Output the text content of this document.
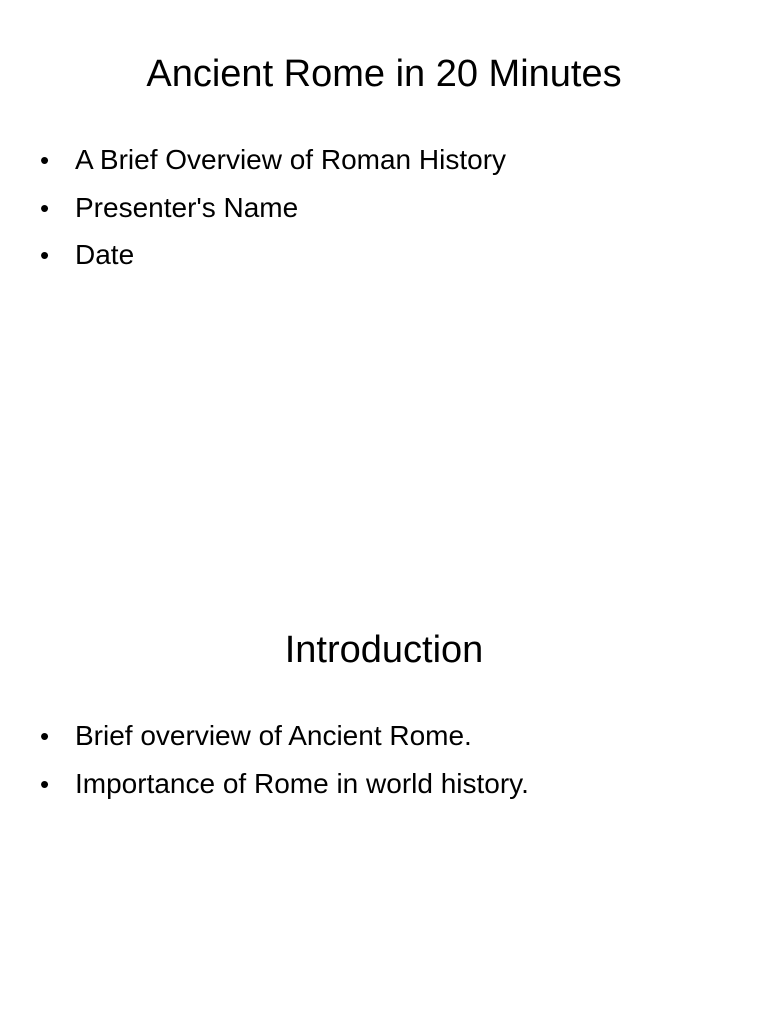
Ancient Rome in 20 Minutes
• A Brief Overview of Roman History
• Presenter's Name
• Date
Introduction
• Brief overview of Ancient Rome.
• Importance of Rome in world history.
